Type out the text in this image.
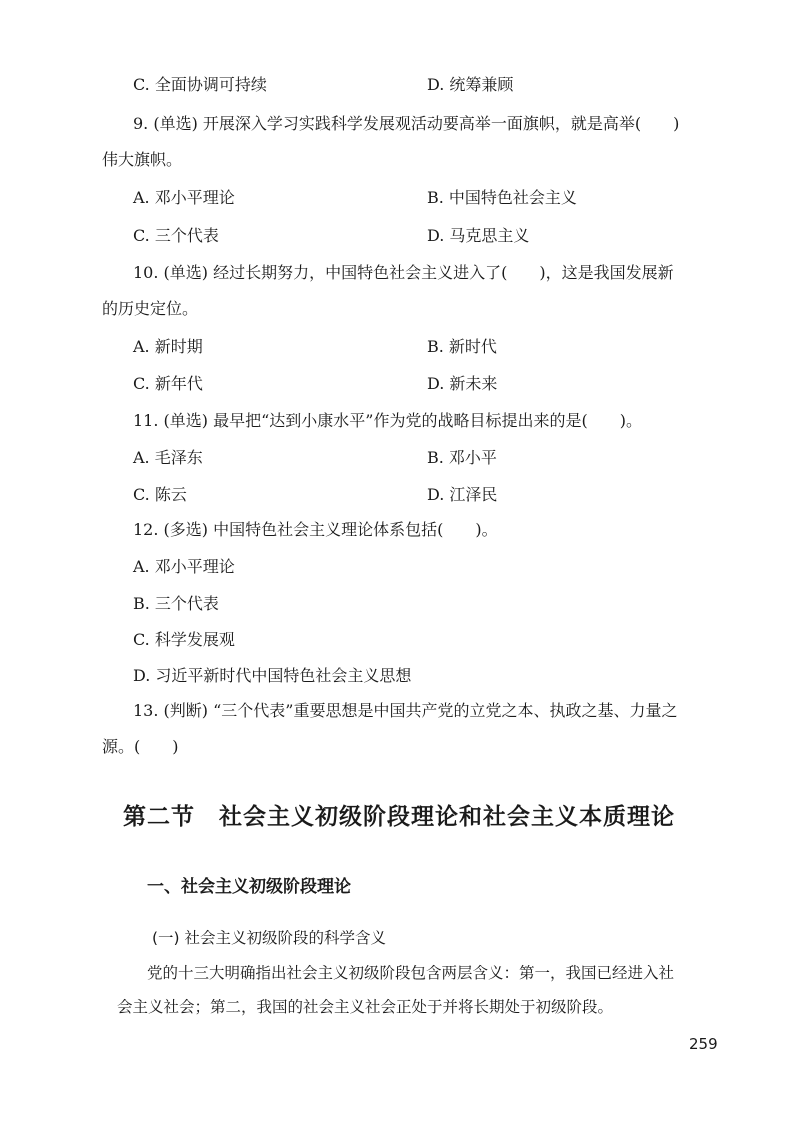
C. 全面协调可持续	D. 统筹兼顾
9. (单选) 开展深入学习实践科学发展观活动要高举一面旗帜，就是高举(　　)
伟大旗帜。
A. 邓小平理论	B. 中国特色社会主义
C. 三个代表	D. 马克思主义
10. (单选) 经过长期努力，中国特色社会主义进入了(　　)，这是我国发展新
的历史定位。
A. 新时期	B. 新时代
C. 新年代	D. 新未来
11. (单选) 最早把“达到小康水平”作为党的战略目标提出来的是(　　)。
A. 毛泽东	B. 邓小平
C. 陈云	D. 江泽民
12. (多选) 中国特色社会主义理论体系包括(　　)。
A. 邓小平理论
B. 三个代表
C. 科学发展观
D. 习近平新时代中国特色社会主义思想
13. (判断) “三个代表”重要思想是中国共产党的立党之本、执政之基、力量之
源。(　　)
第二节　社会主义初级阶段理论和社会主义本质理论
一、社会主义初级阶段理论
(一) 社会主义初级阶段的科学含义
党的十三大明确指出社会主义初级阶段包含两层含义：第一，我国已经进入社
会主义社会；第二，我国的社会主义社会正处于并将长期处于初级阶段。
259
